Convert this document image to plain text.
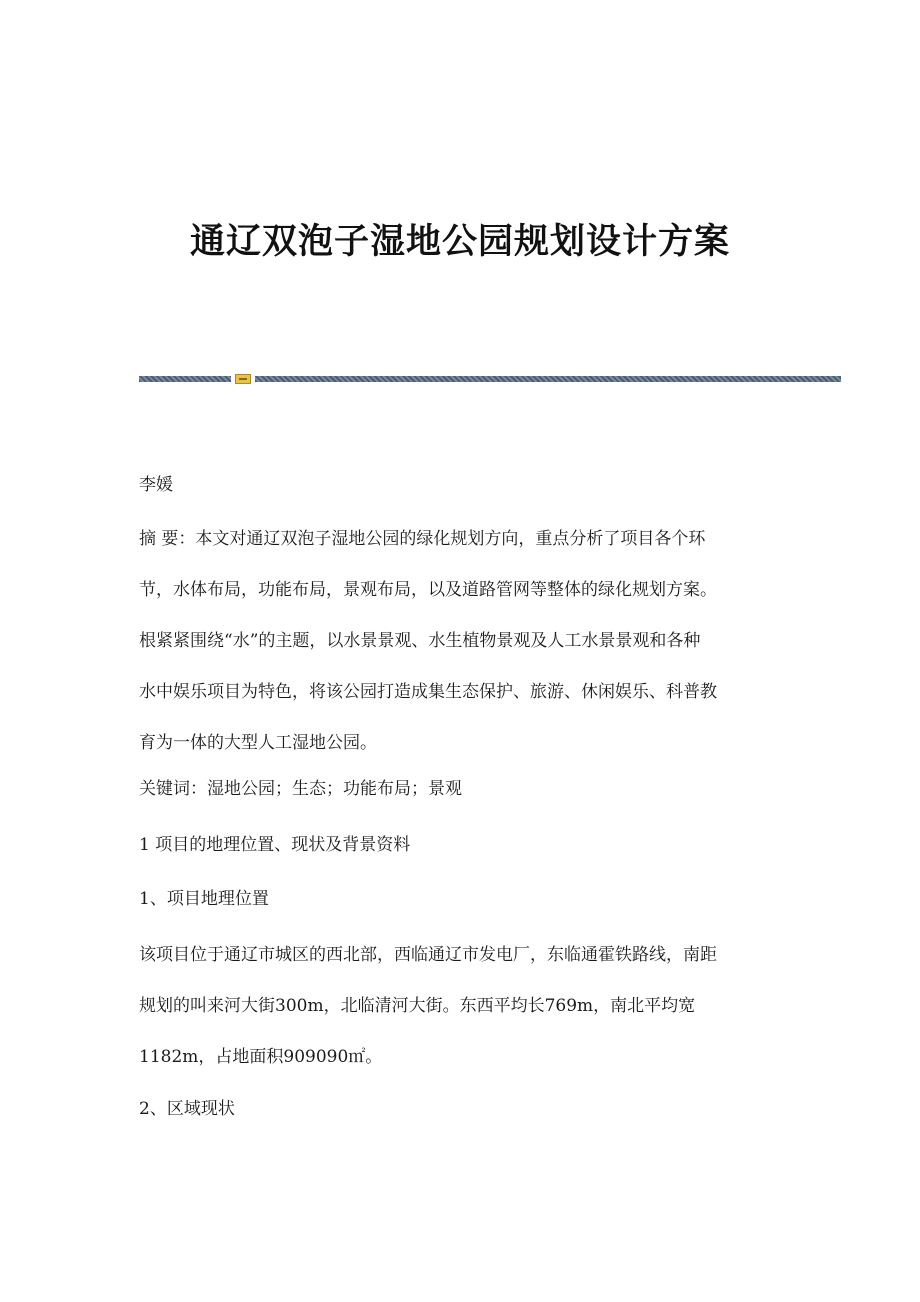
通辽双泡子湿地公园规划设计方案

李媛

摘 要：本文对通辽双泡子湿地公园的绿化规划方向，重点分析了项目各个环
节，水体布局，功能布局，景观布局，以及道路管网等整体的绿化规划方案。
根紧紧围绕“水”的主题，以水景景观、水生植物景观及人工水景景观和各种
水中娱乐项目为特色，将该公园打造成集生态保护、旅游、休闲娱乐、科普教
育为一体的大型人工湿地公园。

关键词：湿地公园；生态；功能布局；景观

1 项目的地理位置、现状及背景资料

1、项目地理位置

该项目位于通辽市城区的西北部，西临通辽市发电厂，东临通霍铁路线，南距
规划的叫来河大街300m，北临清河大街。东西平均长769m，南北平均宽
1182m，占地面积909090㎡。

2、区域现状
